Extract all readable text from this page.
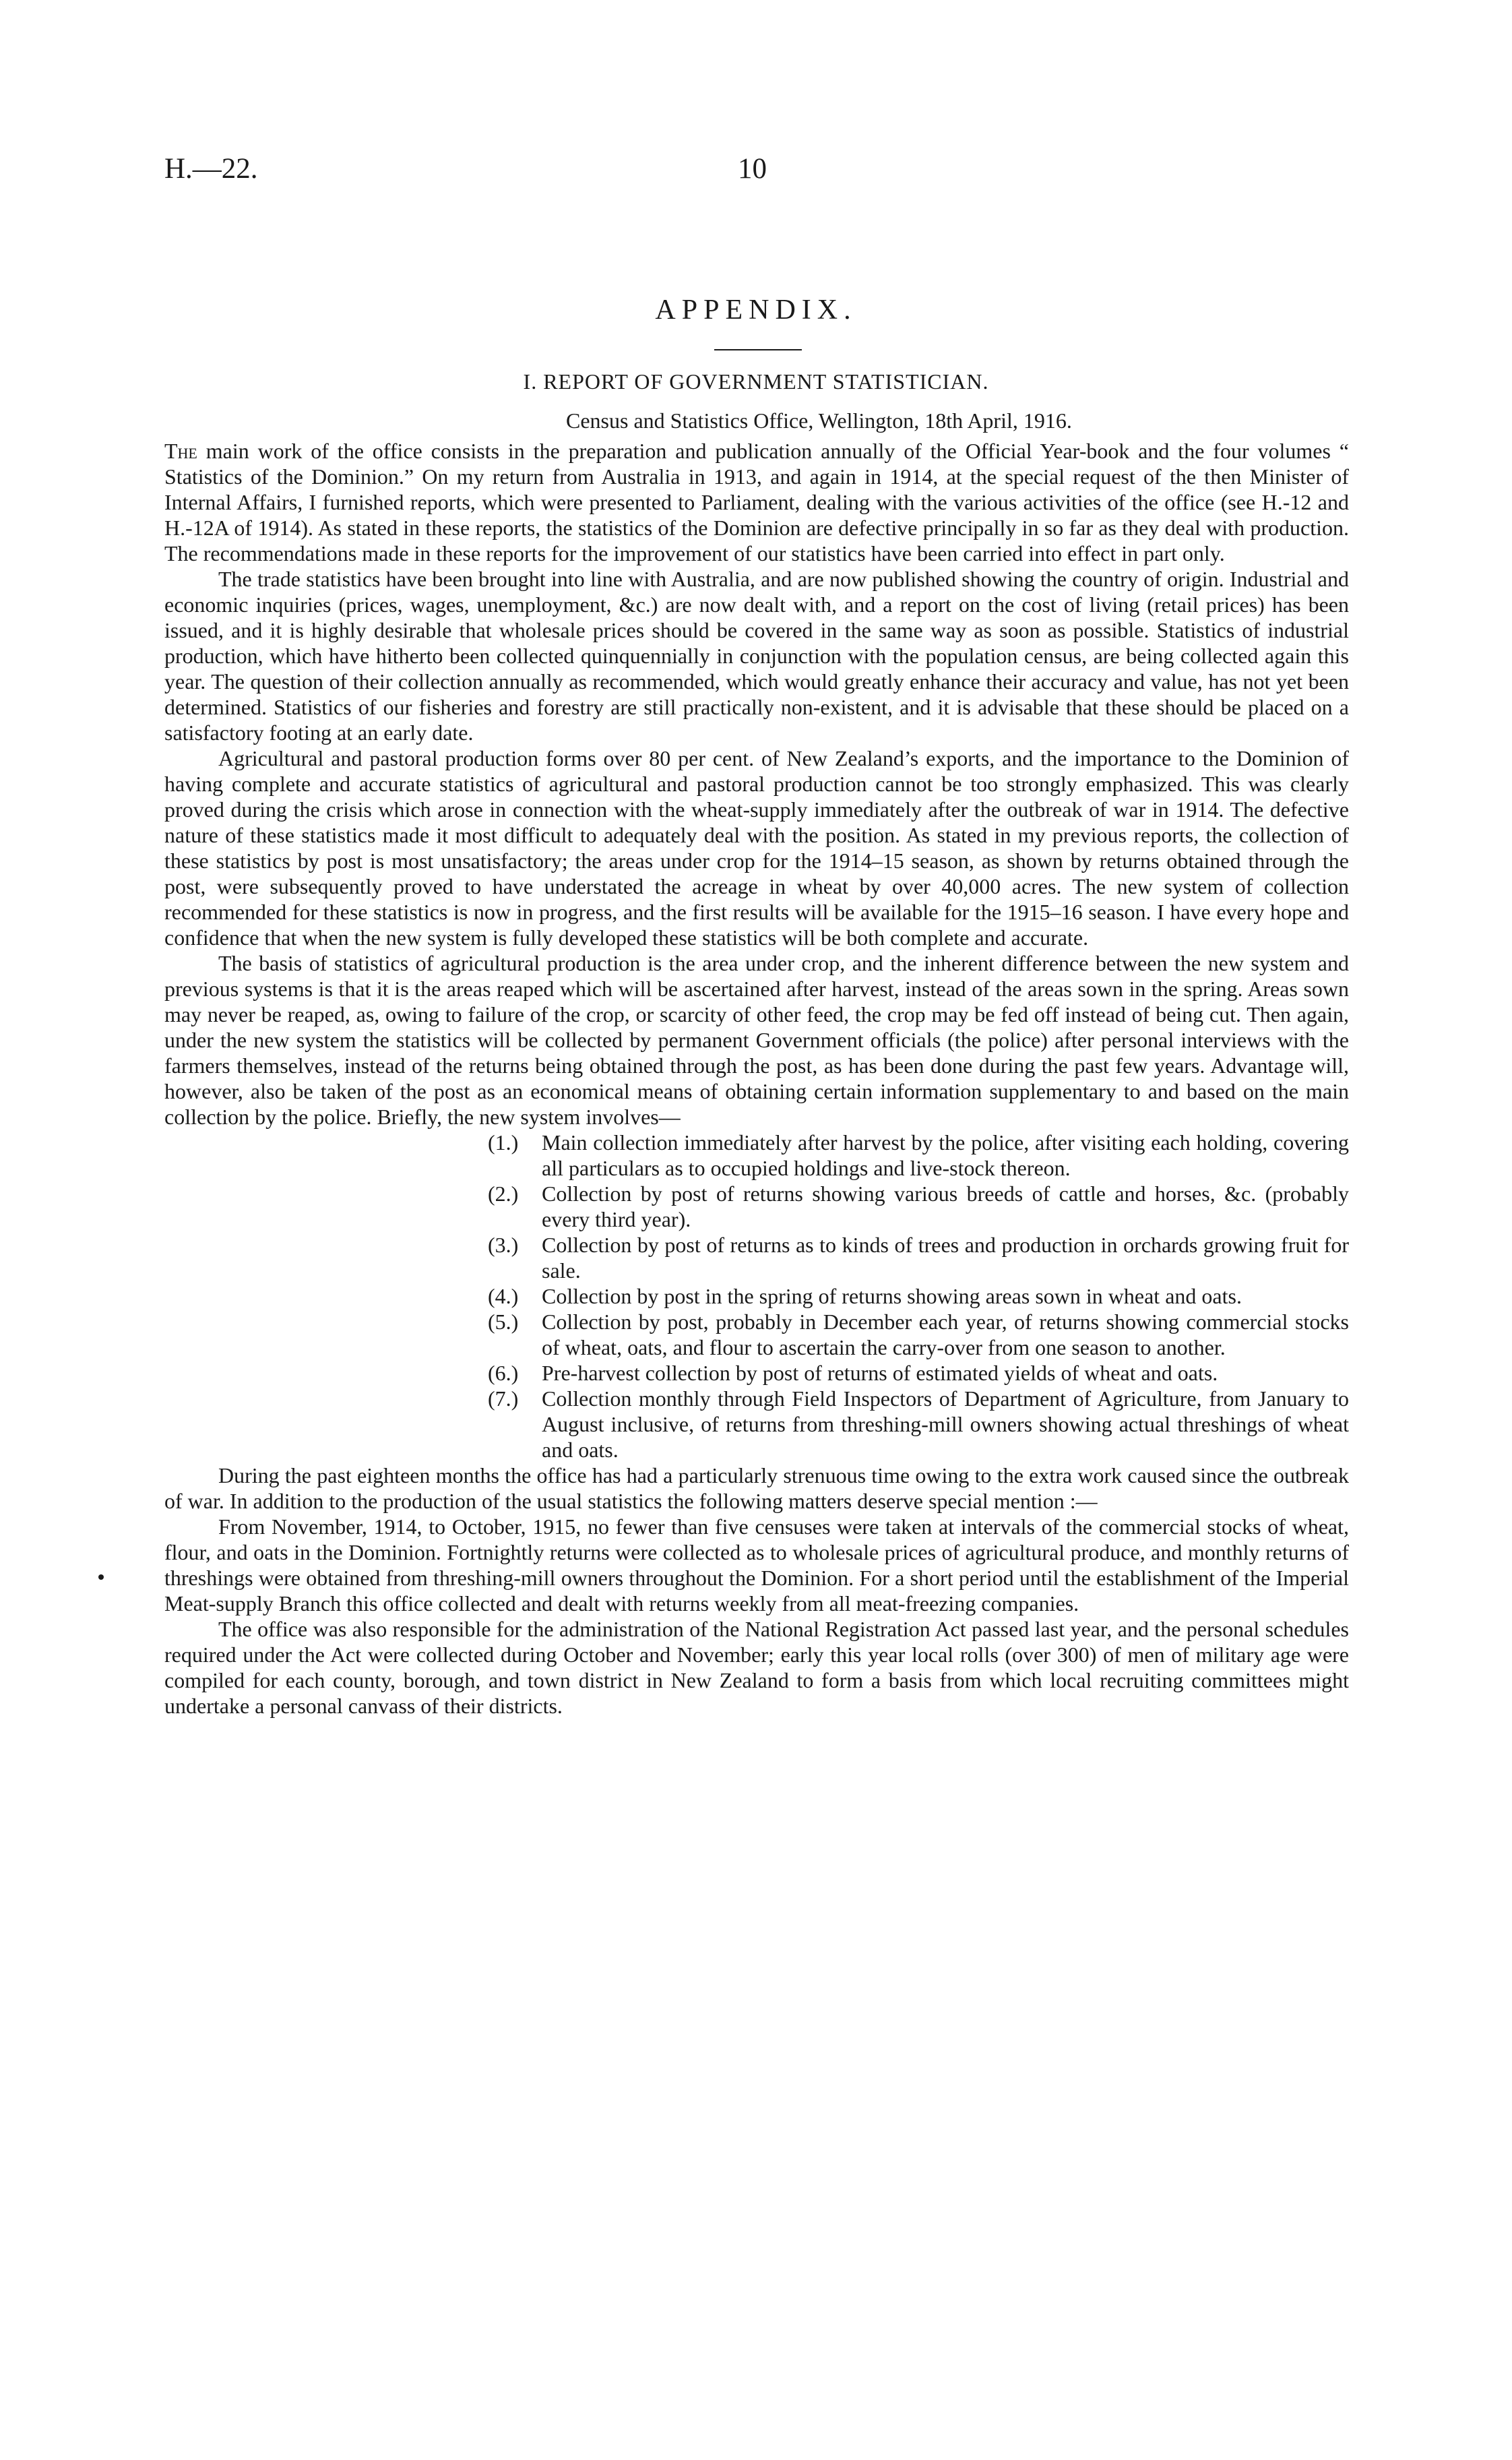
H.—22.	10
APPENDIX.
I. REPORT OF GOVERNMENT STATISTICIAN.
Census and Statistics Office, Wellington, 18th April, 1916.

The main work of the office consists in the preparation and publication annually of the Official Year-book and the four volumes “ Statistics of the Dominion.” On my return from Australia in 1913, and again in 1914, at the special request of the then Minister of Internal Affairs, I furnished reports, which were presented to Parliament, dealing with the various activities of the office (see H.-12 and H.-12A of 1914). As stated in these reports, the statistics of the Dominion are defective principally in so far as they deal with production. The recommendations made in these reports for the improvement of our statistics have been carried into effect in part only.

The trade statistics have been brought into line with Australia, and are now published showing the country of origin. Industrial and economic inquiries (prices, wages, unemployment, &c.) are now dealt with, and a report on the cost of living (retail prices) has been issued, and it is highly desirable that wholesale prices should be covered in the same way as soon as possible. Statistics of industrial production, which have hitherto been collected quinquennially in conjunction with the population census, are being collected again this year. The question of their collection annually as recommended, which would greatly enhance their accuracy and value, has not yet been determined. Statistics of our fisheries and forestry are still practically non-existent, and it is advisable that these should be placed on a satisfactory footing at an early date.

Agricultural and pastoral production forms over 80 per cent. of New Zealand’s exports, and the importance to the Dominion of having complete and accurate statistics of agricultural and pastoral production cannot be too strongly emphasized. This was clearly proved during the crisis which arose in connection with the wheat-supply immediately after the outbreak of war in 1914. The defective nature of these statistics made it most difficult to adequately deal with the position. As stated in my previous reports, the collection of these statistics by post is most unsatisfactory; the areas under crop for the 1914–15 season, as shown by returns obtained through the post, were subsequently proved to have understated the acreage in wheat by over 40,000 acres. The new system of collection recommended for these statistics is now in progress, and the first results will be available for the 1915–16 season. I have every hope and confidence that when the new system is fully developed these statistics will be both complete and accurate.

The basis of statistics of agricultural production is the area under crop, and the inherent difference between the new system and previous systems is that it is the areas reaped which will be ascertained after harvest, instead of the areas sown in the spring. Areas sown may never be reaped, as, owing to failure of the crop, or scarcity of other feed, the crop may be fed off instead of being cut. Then again, under the new system the statistics will be collected by permanent Government officials (the police) after personal interviews with the farmers themselves, instead of the returns being obtained through the post, as has been done during the past few years. Advantage will, however, also be taken of the post as an economical means of obtaining certain information supplementary to and based on the main collection by the police. Briefly, the new system involves—

(1.) Main collection immediately after harvest by the police, after visiting each holding, covering all particulars as to occupied holdings and live-stock thereon.
(2.) Collection by post of returns showing various breeds of cattle and horses, &c. (probably every third year).
(3.) Collection by post of returns as to kinds of trees and production in orchards growing fruit for sale.
(4.) Collection by post in the spring of returns showing areas sown in wheat and oats.
(5.) Collection by post, probably in December each year, of returns showing commercial stocks of wheat, oats, and flour to ascertain the carry-over from one season to another.
(6.) Pre-harvest collection by post of returns of estimated yields of wheat and oats.
(7.) Collection monthly through Field Inspectors of Department of Agriculture, from January to August inclusive, of returns from threshing-mill owners showing actual threshings of wheat and oats.

During the past eighteen months the office has had a particularly strenuous time owing to the extra work caused since the outbreak of war. In addition to the production of the usual statistics the following matters deserve special mention :—

From November, 1914, to October, 1915, no fewer than five censuses were taken at intervals of the commercial stocks of wheat, flour, and oats in the Dominion. Fortnightly returns were collected as to wholesale prices of agricultural produce, and monthly returns of threshings were obtained from threshing-mill owners throughout the Dominion. For a short period until the establishment of the Imperial Meat-supply Branch this office collected and dealt with returns weekly from all meat-freezing companies.

The office was also responsible for the administration of the National Registration Act passed last year, and the personal schedules required under the Act were collected during October and November; early this year local rolls (over 300) of men of military age were compiled for each county, borough, and town district in New Zealand to form a basis from which local recruiting committees might undertake a personal canvass of their districts.
